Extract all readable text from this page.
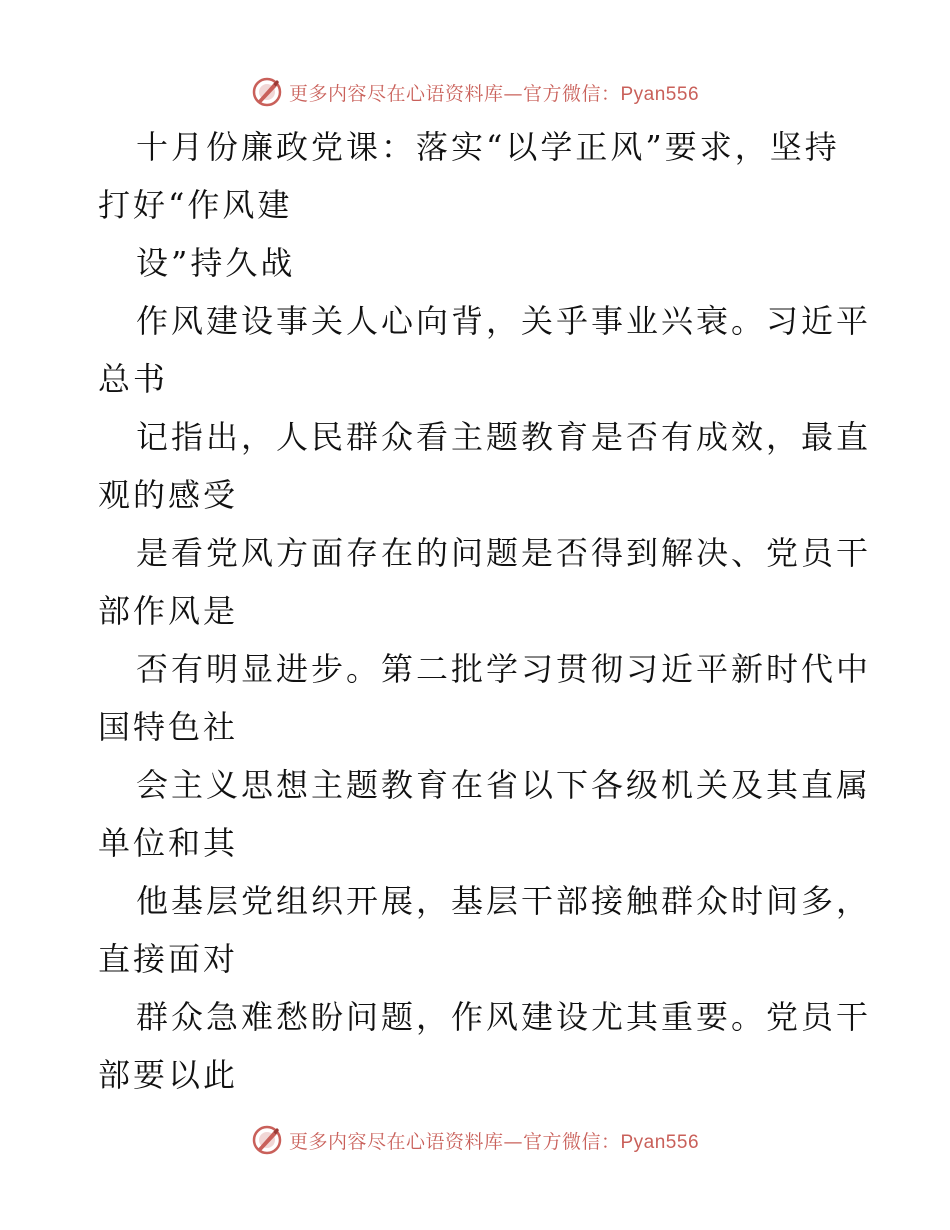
更多内容尽在心语资料库—官方微信：Pyan556
十月份廉政党课：落实“以学正风”要求，坚持
打好“作风建
设”持久战
作风建设事关人心向背，关乎事业兴衰。习近平
总书
记指出，人民群众看主题教育是否有成效，最直
观的感受
是看党风方面存在的问题是否得到解决、党员干
部作风是
否有明显进步。第二批学习贯彻习近平新时代中
国特色社
会主义思想主题教育在省以下各级机关及其直属
单位和其
他基层党组织开展，基层干部接触群众时间多，
直接面对
群众急难愁盼问题，作风建设尤其重要。党员干
部要以此
更多内容尽在心语资料库—官方微信：Pyan556
